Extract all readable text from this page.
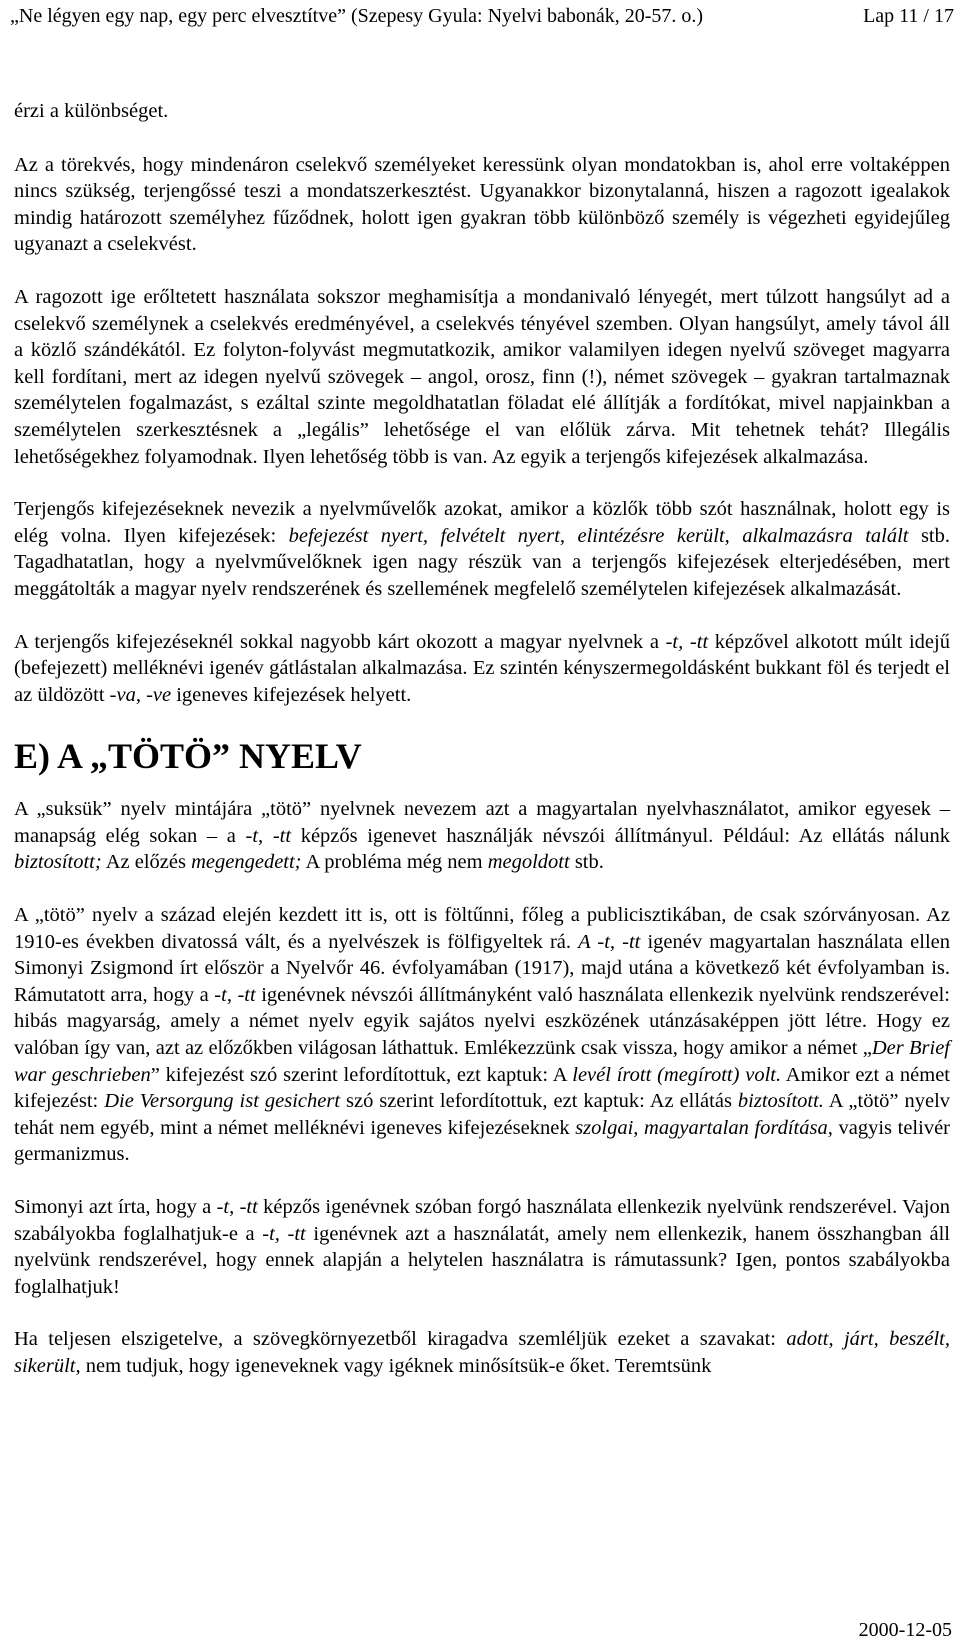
„Ne légyen egy nap, egy perc elvesztítve” (Szepesy Gyula: Nyelvi babonák, 20-57. o.)	Lap 11 / 17

érzi a különbséget.

Az a törekvés, hogy mindenáron cselekvő személyeket keressünk olyan mondatokban is, ahol erre voltaképpen nincs szükség, terjengőssé teszi a mondatszerkesztést. Ugyanakkor bizonytalanná, hiszen a ragozott igealakok mindig határozott személyhez fűződnek, holott igen gyakran több különböző személy is végezheti egyidejűleg ugyanazt a cselekvést.

A ragozott ige erőltetett használata sokszor meghamisítja a mondanivaló lényegét, mert túlzott hangsúlyt ad a cselekvő személynek a cselekvés eredményével, a cselekvés tényével szemben. Olyan hangsúlyt, amely távol áll a közlő szándékától. Ez folyton-folyvást megmutatkozik, amikor valamilyen idegen nyelvű szöveget magyarra kell fordítani, mert az idegen nyelvű szövegek – angol, orosz, finn (!), német szövegek – gyakran tartalmaznak személytelen fogalmazást, s ezáltal szinte megoldhatatlan föladat elé állítják a fordítókat, mivel napjainkban a személytelen szerkesztésnek a „legális” lehetősége el van előlük zárva. Mit tehetnek tehát? Illegális lehetőségekhez folyamodnak. Ilyen lehetőség több is van. Az egyik a terjengős kifejezések alkalmazása.

Terjengős kifejezéseknek nevezik a nyelvművelők azokat, amikor a közlők több szót használnak, holott egy is elég volna. Ilyen kifejezések: befejezést nyert, felvételt nyert, elintézésre került, alkalmazásra talált stb. Tagadhatatlan, hogy a nyelvművelőknek igen nagy részük van a terjengős kifejezések elterjedésében, mert meggátolták a magyar nyelv rendszerének és szellemének megfelelő személytelen kifejezések alkalmazását.

A terjengős kifejezéseknél sokkal nagyobb kárt okozott a magyar nyelvnek a -t, -tt képzővel alkotott múlt idejű (befejezett) melléknévi igenév gátlástalan alkalmazása. Ez szintén kényszermegoldásként bukkant föl és terjedt el az üldözött -va, -ve igeneves kifejezések helyett.

E) A „TÖTÖ” NYELV

A „suksük” nyelv mintájára „tötö” nyelvnek nevezem azt a magyartalan nyelvhasználatot, amikor egyesek – manapság elég sokan – a -t, -tt képzős igenevet használják névszói állítmányul. Például: Az ellátás nálunk biztosított; Az előzés megengedett; A probléma még nem megoldott stb.

A „tötö” nyelv a század elején kezdett itt is, ott is föltűnni, főleg a publicisztikában, de csak szórványosan. Az 1910-es években divatossá vált, és a nyelvészek is fölfigyeltek rá. A -t, -tt igenév magyartalan használata ellen Simonyi Zsigmond írt először a Nyelvőr 46. évfolyamában (1917), majd utána a következő két évfolyamban is. Rámutatott arra, hogy a -t, -tt igenévnek névszói állítmányként való használata ellenkezik nyelvünk rendszerével: hibás magyarság, amely a német nyelv egyik sajátos nyelvi eszközének utánzásaképpen jött létre. Hogy ez valóban így van, azt az előzőkben világosan láthattuk. Emlékezzünk csak vissza, hogy amikor a német „Der Brief war geschrieben” kifejezést szó szerint lefordítottuk, ezt kaptuk: A levél írott (megírott) volt. Amikor ezt a német kifejezést: Die Versorgung ist gesichert szó szerint lefordítottuk, ezt kaptuk: Az ellátás biztosított. A „tötö” nyelv tehát nem egyéb, mint a német melléknévi igeneves kifejezéseknek szolgai, magyartalan fordítása, vagyis telivér germanizmus.

Simonyi azt írta, hogy a -t, -tt képzős igenévnek szóban forgó használata ellenkezik nyelvünk rendszerével. Vajon szabályokba foglalhatjuk-e a -t, -tt igenévnek azt a használatát, amely nem ellenkezik, hanem összhangban áll nyelvünk rendszerével, hogy ennek alapján a helytelen használatra is rámutassunk? Igen, pontos szabályokba foglalhatjuk!

Ha teljesen elszigetelve, a szövegkörnyezetből kiragadva szemléljük ezeket a szavakat: adott, járt, beszélt, sikerült, nem tudjuk, hogy igeneveknek vagy igéknek minősítsük-e őket. Teremtsünk

2000-12-05
